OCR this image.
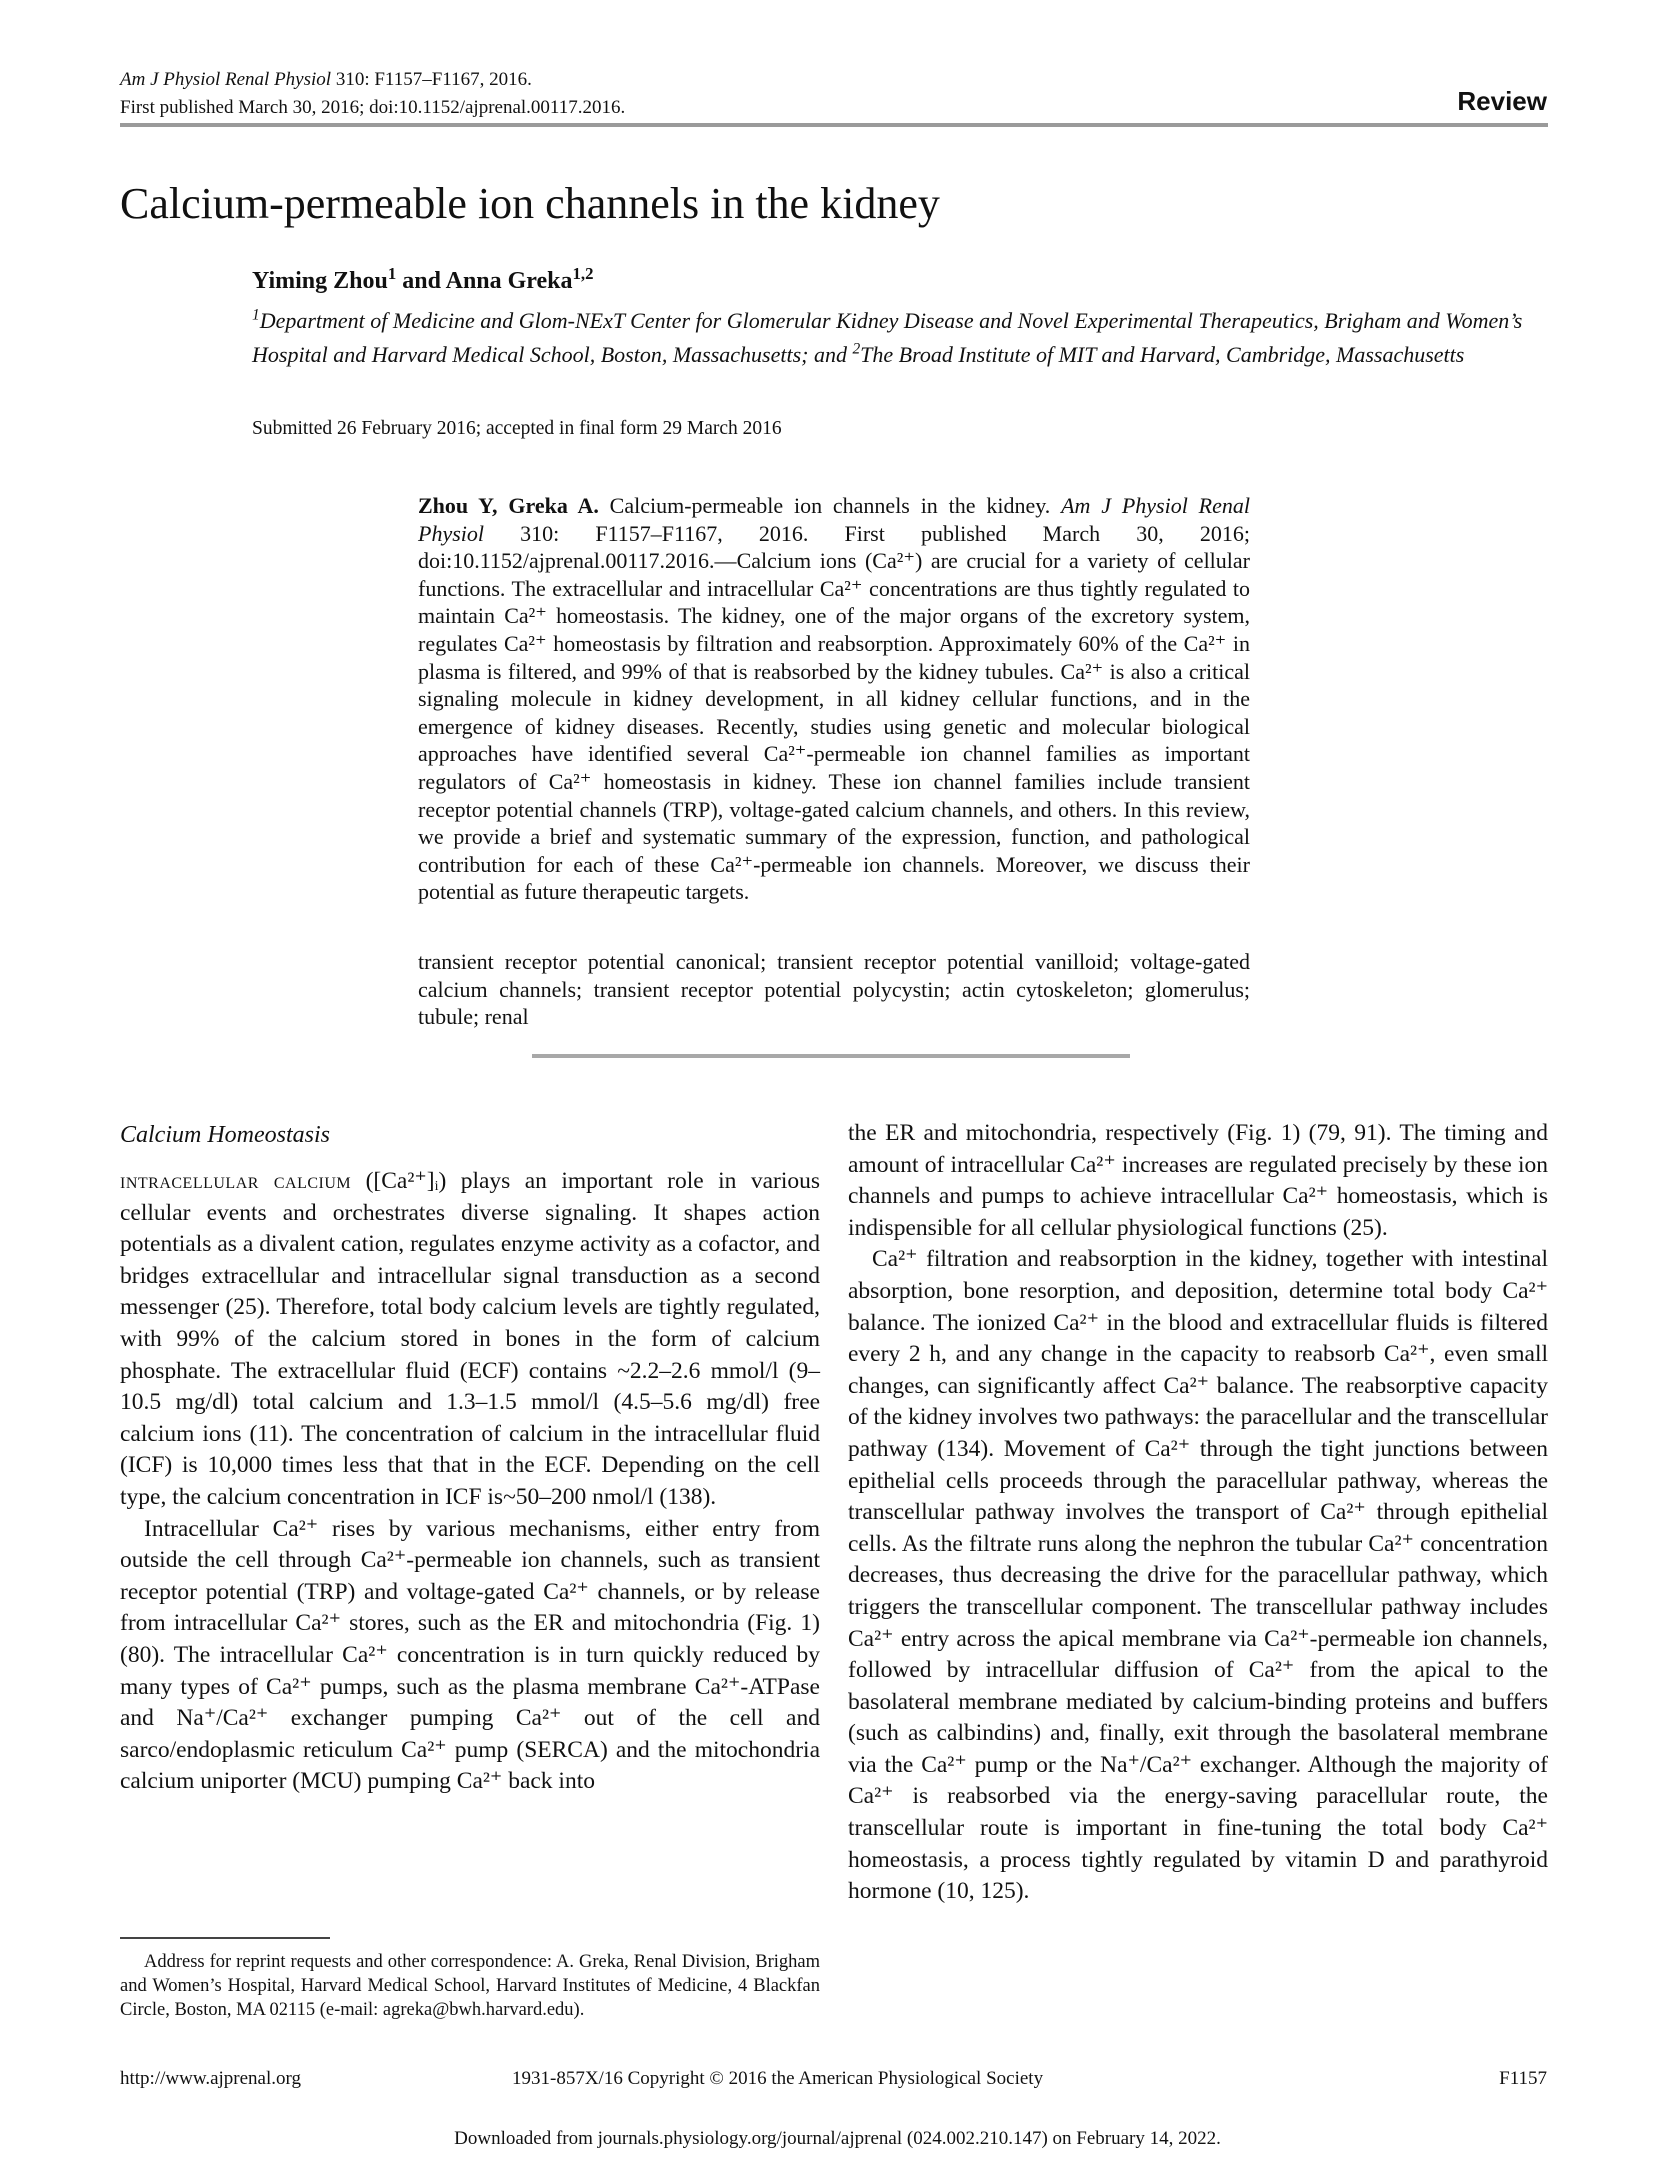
Am J Physiol Renal Physiol 310: F1157–F1167, 2016.
First published March 30, 2016; doi:10.1152/ajprenal.00117.2016.	Review
Calcium-permeable ion channels in the kidney
Yiming Zhou$^1$ and Anna Greka$^{1,2}$
$^1$Department of Medicine and Glom-NExT Center for Glomerular Kidney Disease and Novel Experimental Therapeutics, Brigham and Women’s Hospital and Harvard Medical School, Boston, Massachusetts; and $^2$The Broad Institute of MIT and Harvard, Cambridge, Massachusetts
Submitted 26 February 2016; accepted in final form 29 March 2016
Zhou Y, Greka A. Calcium-permeable ion channels in the kidney. Am J Physiol Renal Physiol 310: F1157–F1167, 2016. First published March 30, 2016; doi:10.1152/ajprenal.00117.2016.—Calcium ions (Ca²⁺) are crucial for a variety of cellular functions. The extracellular and intracellular Ca²⁺ concentrations are thus tightly regulated to maintain Ca²⁺ homeostasis. The kidney, one of the major organs of the excretory system, regulates Ca²⁺ homeostasis by filtration and reabsorption. Approximately 60% of the Ca²⁺ in plasma is filtered, and 99% of that is reabsorbed by the kidney tubules. Ca²⁺ is also a critical signaling molecule in kidney development, in all kidney cellular functions, and in the emergence of kidney diseases. Recently, studies using genetic and molecular biological approaches have identified several Ca²⁺-permeable ion channel families as important regulators of Ca²⁺ homeostasis in kidney. These ion channel families include transient receptor potential channels (TRP), voltage-gated calcium channels, and others. In this review, we provide a brief and systematic summary of the expression, function, and pathological contribution for each of these Ca²⁺-permeable ion channels. Moreover, we discuss their potential as future therapeutic targets.
transient receptor potential canonical; transient receptor potential vanilloid; voltage-gated calcium channels; transient receptor potential polycystin; actin cytoskeleton; glomerulus; tubule; renal
Calcium Homeostasis

intracellular calcium ([Ca²⁺]ᵢ) plays an important role in various cellular events and orchestrates diverse signaling. It shapes action potentials as a divalent cation, regulates enzyme activity as a cofactor, and bridges extracellular and intracellular signal transduction as a second messenger (25). Therefore, total body calcium levels are tightly regulated, with 99% of the calcium stored in bones in the form of calcium phosphate. The extracellular fluid (ECF) contains ~2.2–2.6 mmol/l (9–10.5 mg/dl) total calcium and 1.3–1.5 mmol/l (4.5–5.6 mg/dl) free calcium ions (11). The concentration of calcium in the intracellular fluid (ICF) is 10,000 times less that that in the ECF. Depending on the cell type, the calcium concentration in ICF is~50–200 nmol/l (138).

Intracellular Ca²⁺ rises by various mechanisms, either entry from outside the cell through Ca²⁺-permeable ion channels, such as transient receptor potential (TRP) and voltage-gated Ca²⁺ channels, or by release from intracellular Ca²⁺ stores, such as the ER and mitochondria (Fig. 1) (80). The intracellular Ca²⁺ concentration is in turn quickly reduced by many types of Ca²⁺ pumps, such as the plasma membrane Ca²⁺-ATPase and Na⁺/Ca²⁺ exchanger pumping Ca²⁺ out of the cell and sarco/endoplasmic reticulum Ca²⁺ pump (SERCA) and the mitochondria calcium uniporter (MCU) pumping Ca²⁺ back into

the ER and mitochondria, respectively (Fig. 1) (79, 91). The timing and amount of intracellular Ca²⁺ increases are regulated precisely by these ion channels and pumps to achieve intracellular Ca²⁺ homeostasis, which is indispensible for all cellular physiological functions (25).

Ca²⁺ filtration and reabsorption in the kidney, together with intestinal absorption, bone resorption, and deposition, determine total body Ca²⁺ balance. The ionized Ca²⁺ in the blood and extracellular fluids is filtered every 2 h, and any change in the capacity to reabsorb Ca²⁺, even small changes, can significantly affect Ca²⁺ balance. The reabsorptive capacity of the kidney involves two pathways: the paracellular and the transcellular pathway (134). Movement of Ca²⁺ through the tight junctions between epithelial cells proceeds through the paracellular pathway, whereas the transcellular pathway involves the transport of Ca²⁺ through epithelial cells. As the filtrate runs along the nephron the tubular Ca²⁺ concentration decreases, thus decreasing the drive for the paracellular pathway, which triggers the transcellular component. The transcellular pathway includes Ca²⁺ entry across the apical membrane via Ca²⁺-permeable ion channels, followed by intracellular diffusion of Ca²⁺ from the apical to the basolateral membrane mediated by calcium-binding proteins and buffers (such as calbindins) and, finally, exit through the basolateral membrane via the Ca²⁺ pump or the Na⁺/Ca²⁺ exchanger. Although the majority of Ca²⁺ is reabsorbed via the energy-saving paracellular route, the transcellular route is important in fine-tuning the total body Ca²⁺ homeostasis, a process tightly regulated by vitamin D and parathyroid hormone (10, 125).

Address for reprint requests and other correspondence: A. Greka, Renal Division, Brigham and Women’s Hospital, Harvard Medical School, Harvard Institutes of Medicine, 4 Blackfan Circle, Boston, MA 02115 (e-mail: agreka@bwh.harvard.edu).
http://www.ajprenal.org	1931-857X/16 Copyright © 2016 the American Physiological Society	F1157
Downloaded from journals.physiology.org/journal/ajprenal (024.002.210.147) on February 14, 2022.
